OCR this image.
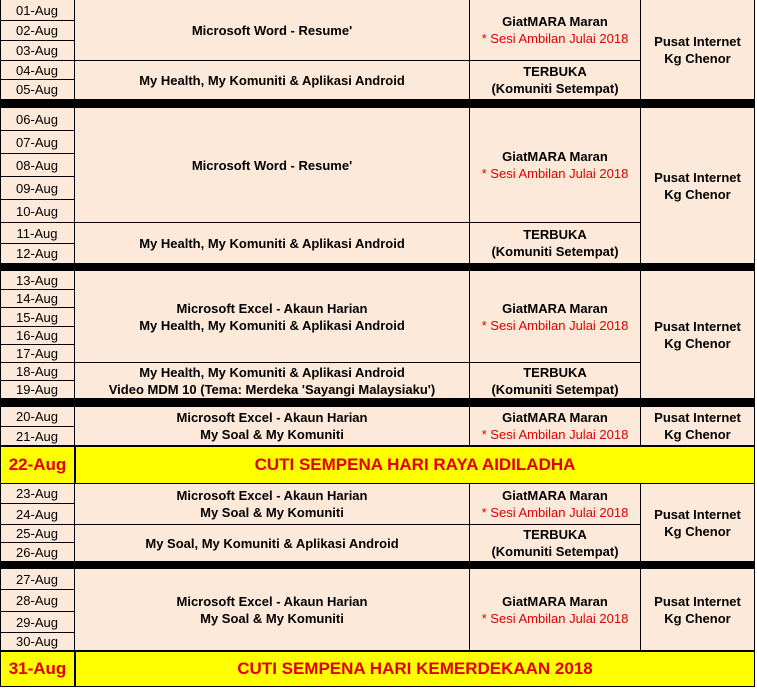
01-Aug
02-Aug
03-Aug
04-Aug
05-Aug
Microsoft Word - Resume'
My Health, My Komuniti & Aplikasi Android
GiatMARA Maran
* Sesi Ambilan Julai 2018
TERBUKA
(Komuniti Setempat)
Pusat Internet
Kg Chenor
06-Aug
07-Aug
08-Aug
09-Aug
10-Aug
11-Aug
12-Aug
Microsoft Word - Resume'
My Health, My Komuniti & Aplikasi Android
GiatMARA Maran
* Sesi Ambilan Julai 2018
TERBUKA
(Komuniti Setempat)
Pusat Internet
Kg Chenor
13-Aug
14-Aug
15-Aug
16-Aug
17-Aug
18-Aug
19-Aug
Microsoft Excel - Akaun Harian
My Health, My Komuniti & Aplikasi Android
My Health, My Komuniti & Aplikasi Android
Video MDM 10 (Tema: Merdeka 'Sayangi Malaysiaku')
GiatMARA Maran
* Sesi Ambilan Julai 2018
TERBUKA
(Komuniti Setempat)
Pusat Internet
Kg Chenor
20-Aug
21-Aug
Microsoft Excel - Akaun Harian
My Soal & My Komuniti
GiatMARA Maran
* Sesi Ambilan Julai 2018
Pusat Internet
Kg Chenor
22-Aug	CUTI SEMPENA HARI RAYA AIDILADHA
23-Aug
24-Aug
25-Aug
26-Aug
Microsoft Excel - Akaun Harian
My Soal & My Komuniti
My Soal, My Komuniti & Aplikasi Android
GiatMARA Maran
* Sesi Ambilan Julai 2018
TERBUKA
(Komuniti Setempat)
Pusat Internet
Kg Chenor
27-Aug
28-Aug
29-Aug
30-Aug
Microsoft Excel - Akaun Harian
My Soal & My Komuniti
GiatMARA Maran
* Sesi Ambilan Julai 2018
Pusat Internet
Kg Chenor
31-Aug	CUTI SEMPENA HARI KEMERDEKAAN 2018
